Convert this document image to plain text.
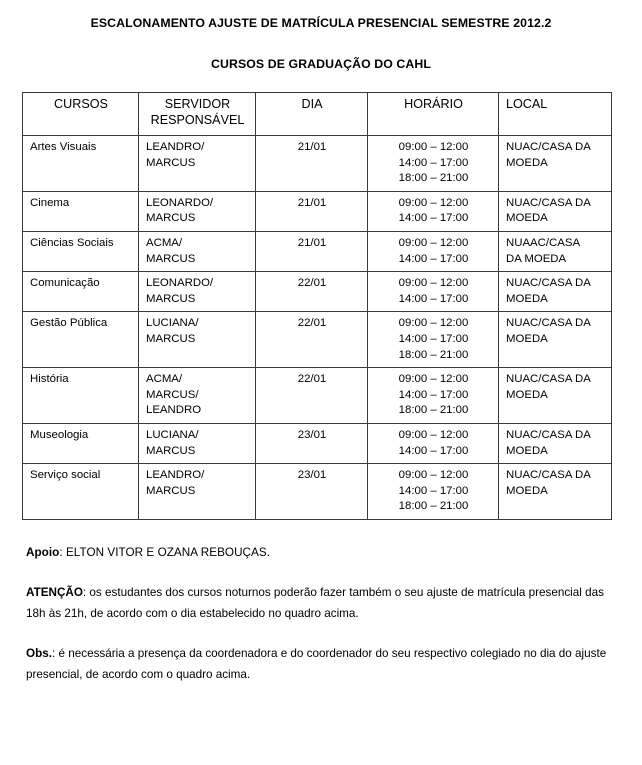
ESCALONAMENTO AJUSTE DE MATRÍCULA PRESENCIAL SEMESTRE 2012.2
CURSOS DE GRADUAÇÃO DO CAHL
CURSOS	SERVIDOR RESPONSÁVEL	DIA	HORÁRIO	LOCAL
Artes Visuais	LEANDRO/
MARCUS	21/01	09:00 – 12:00
14:00 – 17:00
18:00 – 21:00	NUAC/CASA DA
MOEDA

Cinema	LEONARDO/
MARCUS	21/01	09:00 – 12:00
14:00 – 17:00	NUAC/CASA DA
MOEDA

Ciências Sociais	ACMA/
MARCUS	21/01	09:00 – 12:00
14:00 – 17:00	NUAAC/CASA
DA MOEDA

Comunicação	LEONARDO/
MARCUS	22/01	09:00 – 12:00
14:00 – 17:00	NUAC/CASA DA
MOEDA

Gestão Pública	LUCIANA/
MARCUS	22/01	09:00 – 12:00
14:00 – 17:00
18:00 – 21:00	NUAC/CASA DA
MOEDA

História	ACMA/
MARCUS/
LEANDRO	22/01	09:00 – 12:00
14:00 – 17:00
18:00 – 21:00	NUAC/CASA DA
MOEDA

Museologia	LUCIANA/
MARCUS	23/01	09:00 – 12:00
14:00 – 17:00	NUAC/CASA DA
MOEDA

Serviço social	LEANDRO/
MARCUS	23/01	09:00 – 12:00
14:00 – 17:00
18:00 – 21:00	NUAC/CASA DA
MOEDA

Apoio: ELTON VITOR E OZANA REBOUÇAS.

ATENÇÃO: os estudantes dos cursos noturnos poderão fazer também o seu ajuste de matrícula presencial das 18h às 21h, de acordo com o dia estabelecido no quadro acima.

Obs.: é necessária a presença da coordenadora e do coordenador do seu respectivo colegiado no dia do ajuste presencial, de acordo com o quadro acima.
